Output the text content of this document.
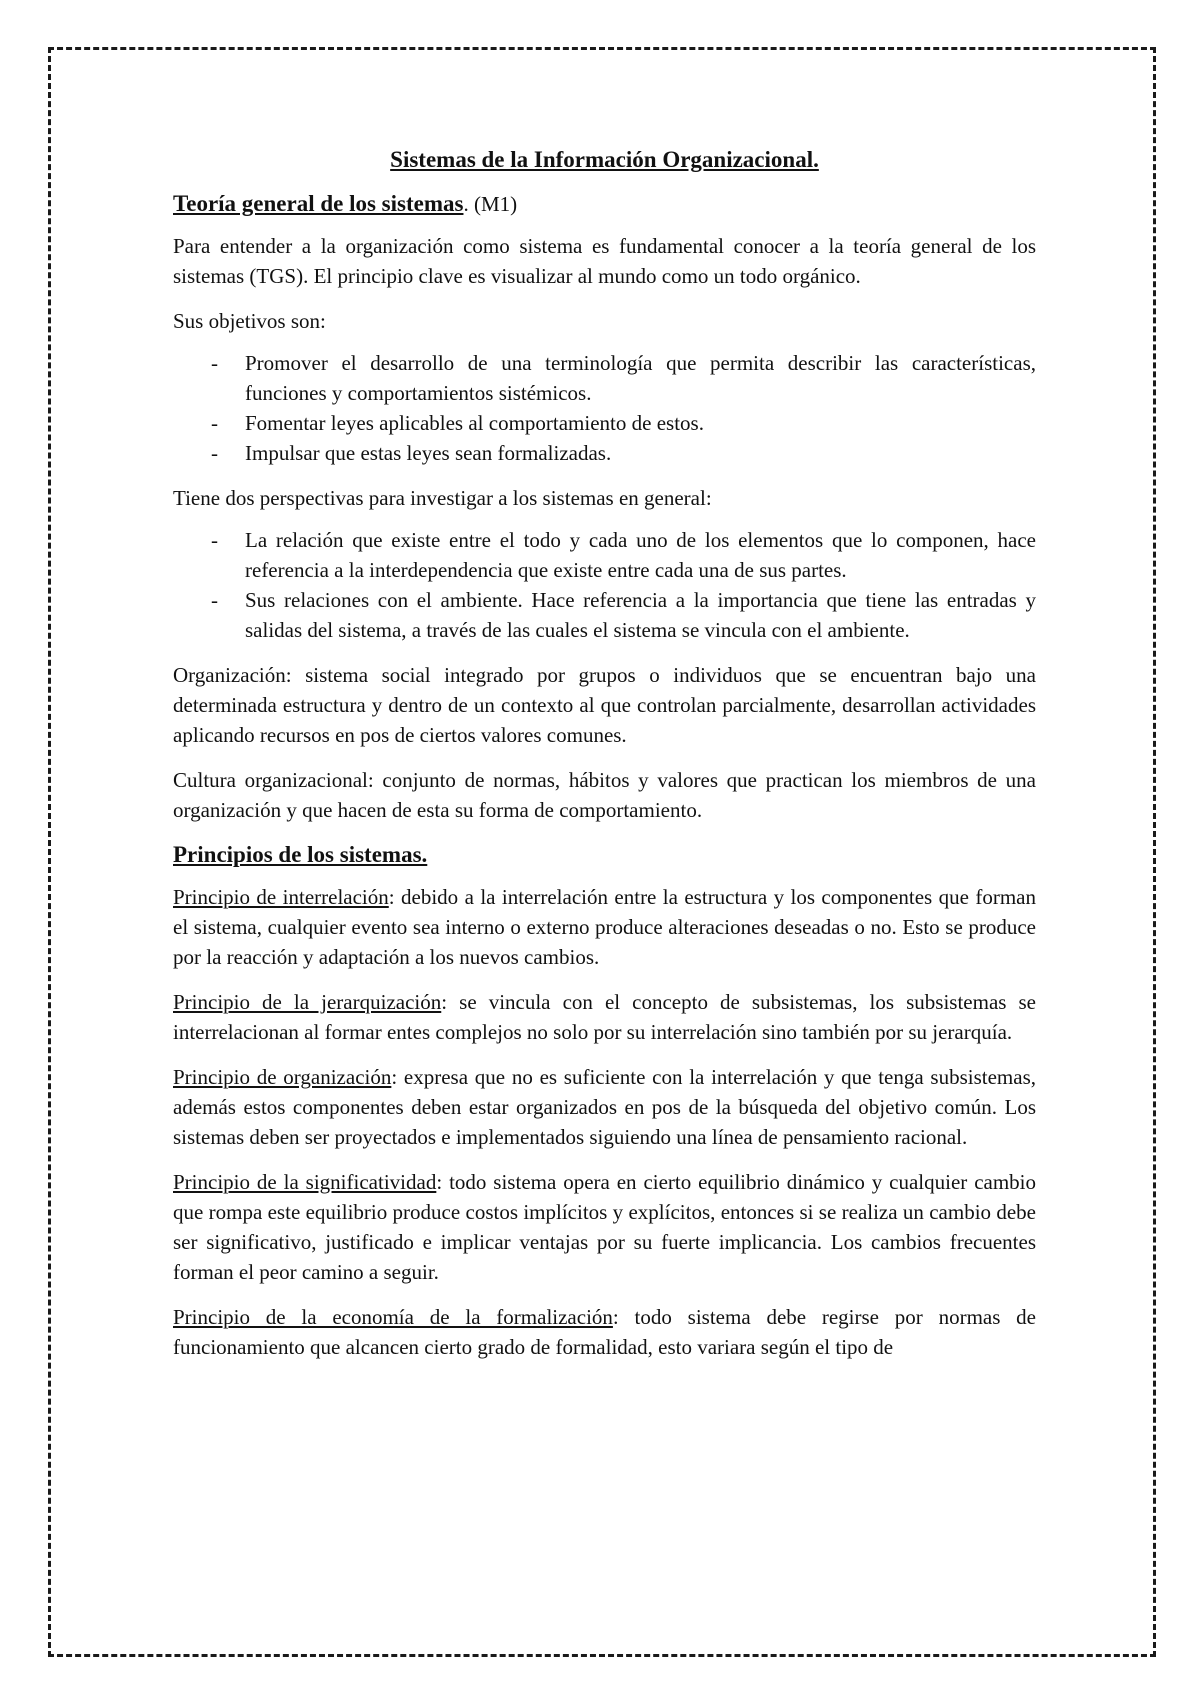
Sistemas de la Información Organizacional.
Teoría general de los sistemas. (M1)

Para entender a la organización como sistema es fundamental conocer a la teoría general de los sistemas (TGS). El principio clave es visualizar al mundo como un todo orgánico.

Sus objetivos son:

- Promover el desarrollo de una terminología que permita describir las características, funciones y comportamientos sistémicos.
- Fomentar leyes aplicables al comportamiento de estos.
- Impulsar que estas leyes sean formalizadas.

Tiene dos perspectivas para investigar a los sistemas en general:

- La relación que existe entre el todo y cada uno de los elementos que lo componen, hace referencia a la interdependencia que existe entre cada una de sus partes.
- Sus relaciones con el ambiente. Hace referencia a la importancia que tiene las entradas y salidas del sistema, a través de las cuales el sistema se vincula con el ambiente.

Organización: sistema social integrado por grupos o individuos que se encuentran bajo una determinada estructura y dentro de un contexto al que controlan parcialmente, desarrollan actividades aplicando recursos en pos de ciertos valores comunes.

Cultura organizacional: conjunto de normas, hábitos y valores que practican los miembros de una organización y que hacen de esta su forma de comportamiento.

Principios de los sistemas.

Principio de interrelación: debido a la interrelación entre la estructura y los componentes que forman el sistema, cualquier evento sea interno o externo produce alteraciones deseadas o no. Esto se produce por la reacción y adaptación a los nuevos cambios.

Principio de la jerarquización: se vincula con el concepto de subsistemas, los subsistemas se interrelacionan al formar entes complejos no solo por su interrelación sino también por su jerarquía.

Principio de organización: expresa que no es suficiente con la interrelación y que tenga subsistemas, además estos componentes deben estar organizados en pos de la búsqueda del objetivo común. Los sistemas deben ser proyectados e implementados siguiendo una línea de pensamiento racional.

Principio de la significatividad: todo sistema opera en cierto equilibrio dinámico y cualquier cambio que rompa este equilibrio produce costos implícitos y explícitos, entonces si se realiza un cambio debe ser significativo, justificado e implicar ventajas por su fuerte implicancia. Los cambios frecuentes forman el peor camino a seguir.

Principio de la economía de la formalización: todo sistema debe regirse por normas de funcionamiento que alcancen cierto grado de formalidad, esto variara según el tipo de
